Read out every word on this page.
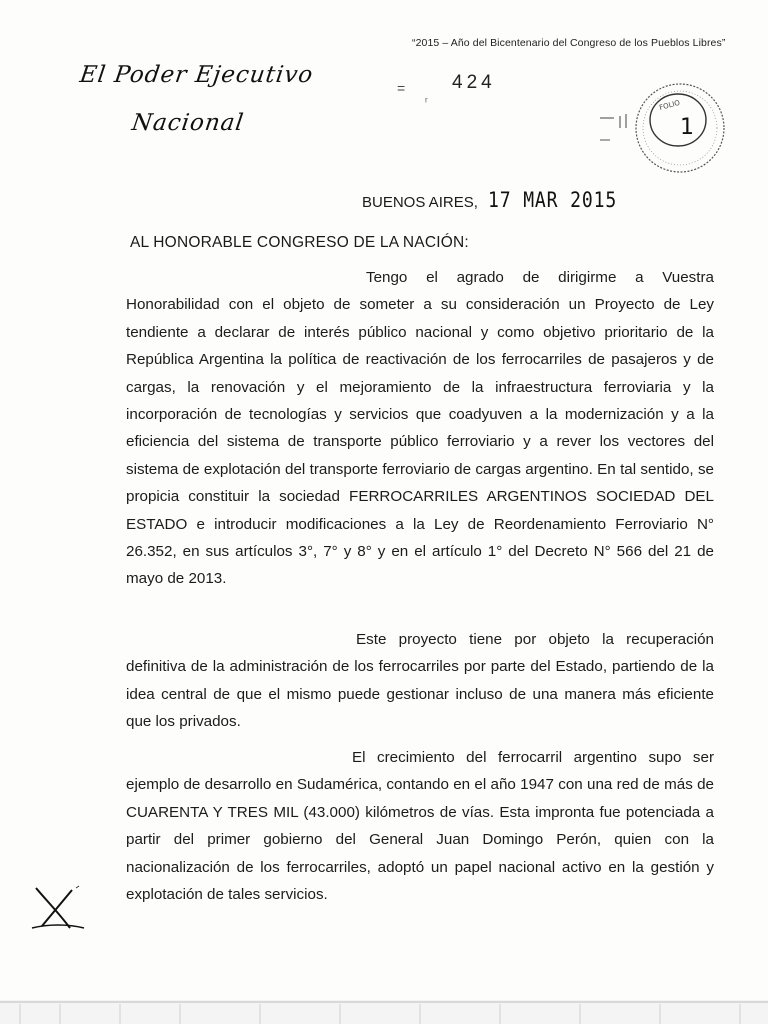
“2015 – Año del Bicentenario del Congreso de los Pueblos Libres”
El Poder Ejecutivo
Nacional
=
ʳ
424
FOLIO
1
BUENOS AIRES, 17 MAR 2015
AL HONORABLE CONGRESO DE LA NACIÓN:
Tengo el agrado de dirigirme a Vuestra Honorabilidad con el objeto de someter a su consideración un Proyecto de Ley tendiente a declarar de interés público nacional y como objetivo prioritario de la República Argentina la política de reactivación de los ferrocarriles de pasajeros y de cargas, la renovación y el mejoramiento de la infraestructura ferroviaria y la incorporación de tecnologías y servicios que coadyuven a la modernización y a la eficiencia del sistema de transporte público ferroviario y a rever los vectores del sistema de explotación del transporte ferroviario de cargas argentino. En tal sentido, se propicia constituir la sociedad FERROCARRILES ARGENTINOS SOCIEDAD DEL ESTADO e introducir modificaciones a la Ley de Reordenamiento Ferroviario N° 26.352, en sus artículos 3°, 7° y 8° y en el artículo 1° del Decreto N° 566 del 21 de mayo de 2013.
Este proyecto tiene por objeto la recuperación definitiva de la administración de los ferrocarriles por parte del Estado, partiendo de la idea central de que el mismo puede gestionar incluso de una manera más eficiente que los privados.
El crecimiento del ferrocarril argentino supo ser ejemplo de desarrollo en Sudamérica, contando en el año 1947 con una red de más de CUARENTA Y TRES MIL (43.000) kilómetros de vías. Esta impronta fue potenciada a partir del primer gobierno del General Juan Domingo Perón, quien con la nacionalización de los ferrocarriles, adoptó un papel nacional activo en la gestión y explotación de tales servicios.
